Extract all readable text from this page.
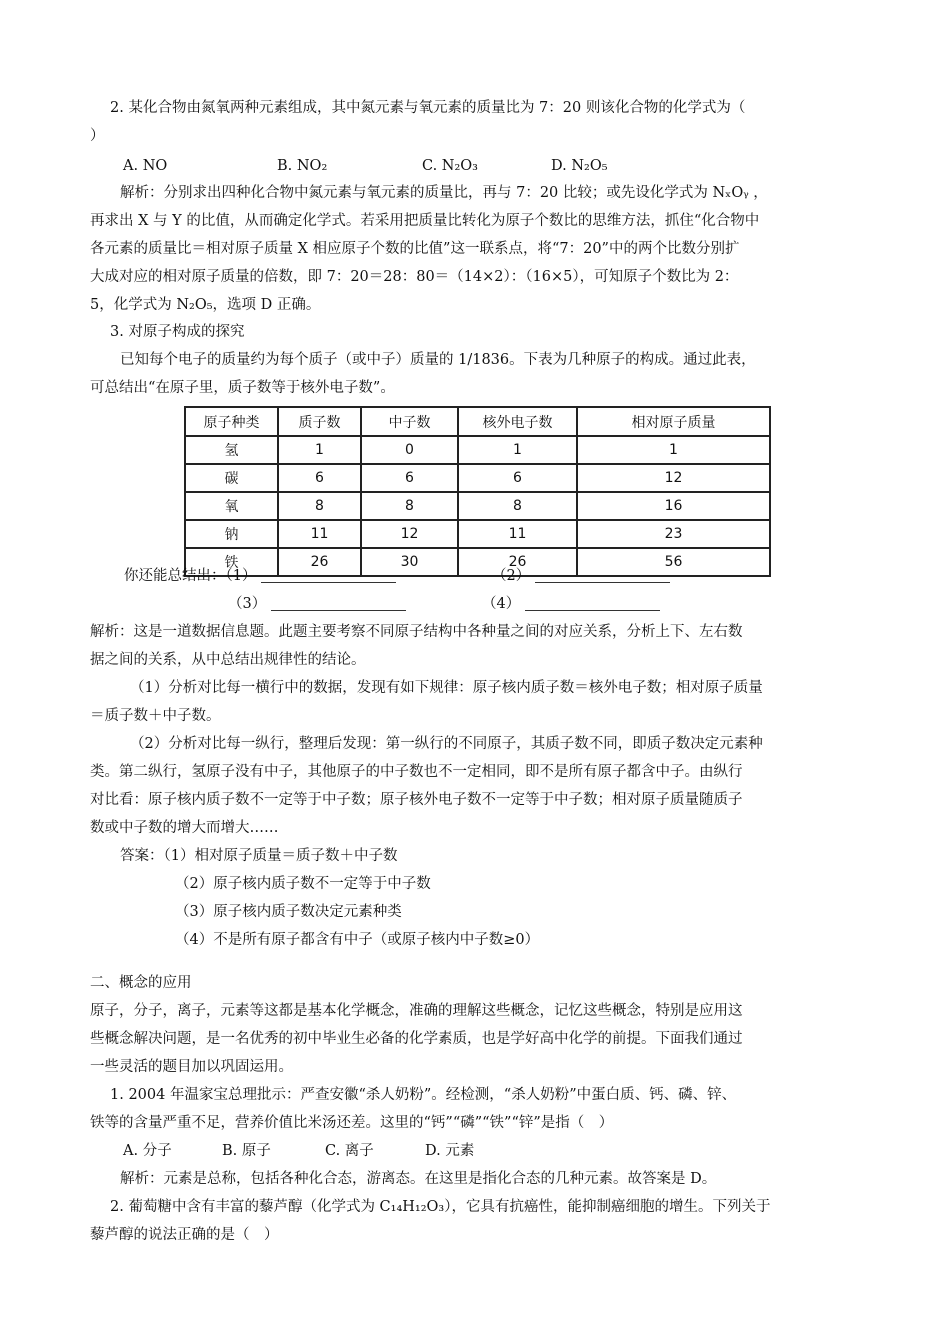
2. 某化合物由氮氧两种元素组成，其中氮元素与氧元素的质量比为 7：20 则该化合物的化学式为（
）
A. NO	B. NO₂	C. N₂O₃	D. N₂O₅
解析：分别求出四种化合物中氮元素与氧元素的质量比，再与 7：20 比较；或先设化学式为 NₓOᵧ ，
再求出 X 与 Y 的比值，从而确定化学式。若采用把质量比转化为原子个数比的思维方法，抓住“化合物中
各元素的质量比＝相对原子质量 X 相应原子个数的比值”这一联系点，将“7：20”中的两个比数分别扩
大成对应的相对原子质量的倍数，即 7：20＝28：80＝（14×2）：（16×5），可知原子个数比为 2：
5，化学式为 N₂O₅，选项 D 正确。
3. 对原子构成的探究
已知每个电子的质量约为每个质子（或中子）质量的 1/1836。下表为几种原子的构成。通过此表，
可总结出“在原子里，质子数等于核外电子数”。
原子种类	质子数	中子数	核外电子数	相对原子质量
氢	1	0	1	1
碳	6	6	6	12
氧	8	8	8	16
钠	11	12	11	23
铁	26	30	26	56
你还能总结出：（1）	（2）
（3）	（4）
解析：这是一道数据信息题。此题主要考察不同原子结构中各种量之间的对应关系，分析上下、左右数
据之间的关系，从中总结出规律性的结论。
（1）分析对比每一横行中的数据，发现有如下规律：原子核内质子数＝核外电子数；相对原子质量
＝质子数＋中子数。
（2）分析对比每一纵行，整理后发现：第一纵行的不同原子，其质子数不同，即质子数决定元素种
类。第二纵行，氢原子没有中子，其他原子的中子数也不一定相同，即不是所有原子都含中子。由纵行
对比看：原子核内质子数不一定等于中子数；原子核外电子数不一定等于中子数；相对原子质量随质子
数或中子数的增大而增大……
答案：（1）相对原子质量＝质子数＋中子数
（2）原子核内质子数不一定等于中子数
（3）原子核内质子数决定元素种类
（4）不是所有原子都含有中子（或原子核内中子数≥0）
二、概念的应用
原子，分子，离子，元素等这都是基本化学概念，准确的理解这些概念，记忆这些概念，特别是应用这
些概念解决问题，是一名优秀的初中毕业生必备的化学素质，也是学好高中化学的前提。下面我们通过
一些灵活的题目加以巩固运用。
1. 2004 年温家宝总理批示：严查安徽“杀人奶粉”。经检测，“杀人奶粉”中蛋白质、钙、磷、锌、
铁等的含量严重不足，营养价值比米汤还差。这里的“钙”“磷”“铁”“锌”是指（　）
A. 分子	B. 原子	C. 离子	D. 元素
解析：元素是总称，包括各种化合态，游离态。在这里是指化合态的几种元素。故答案是 D。
2. 葡萄糖中含有丰富的藜芦醇（化学式为 C₁₄H₁₂O₃），它具有抗癌性，能抑制癌细胞的增生。下列关于
藜芦醇的说法正确的是（　）
